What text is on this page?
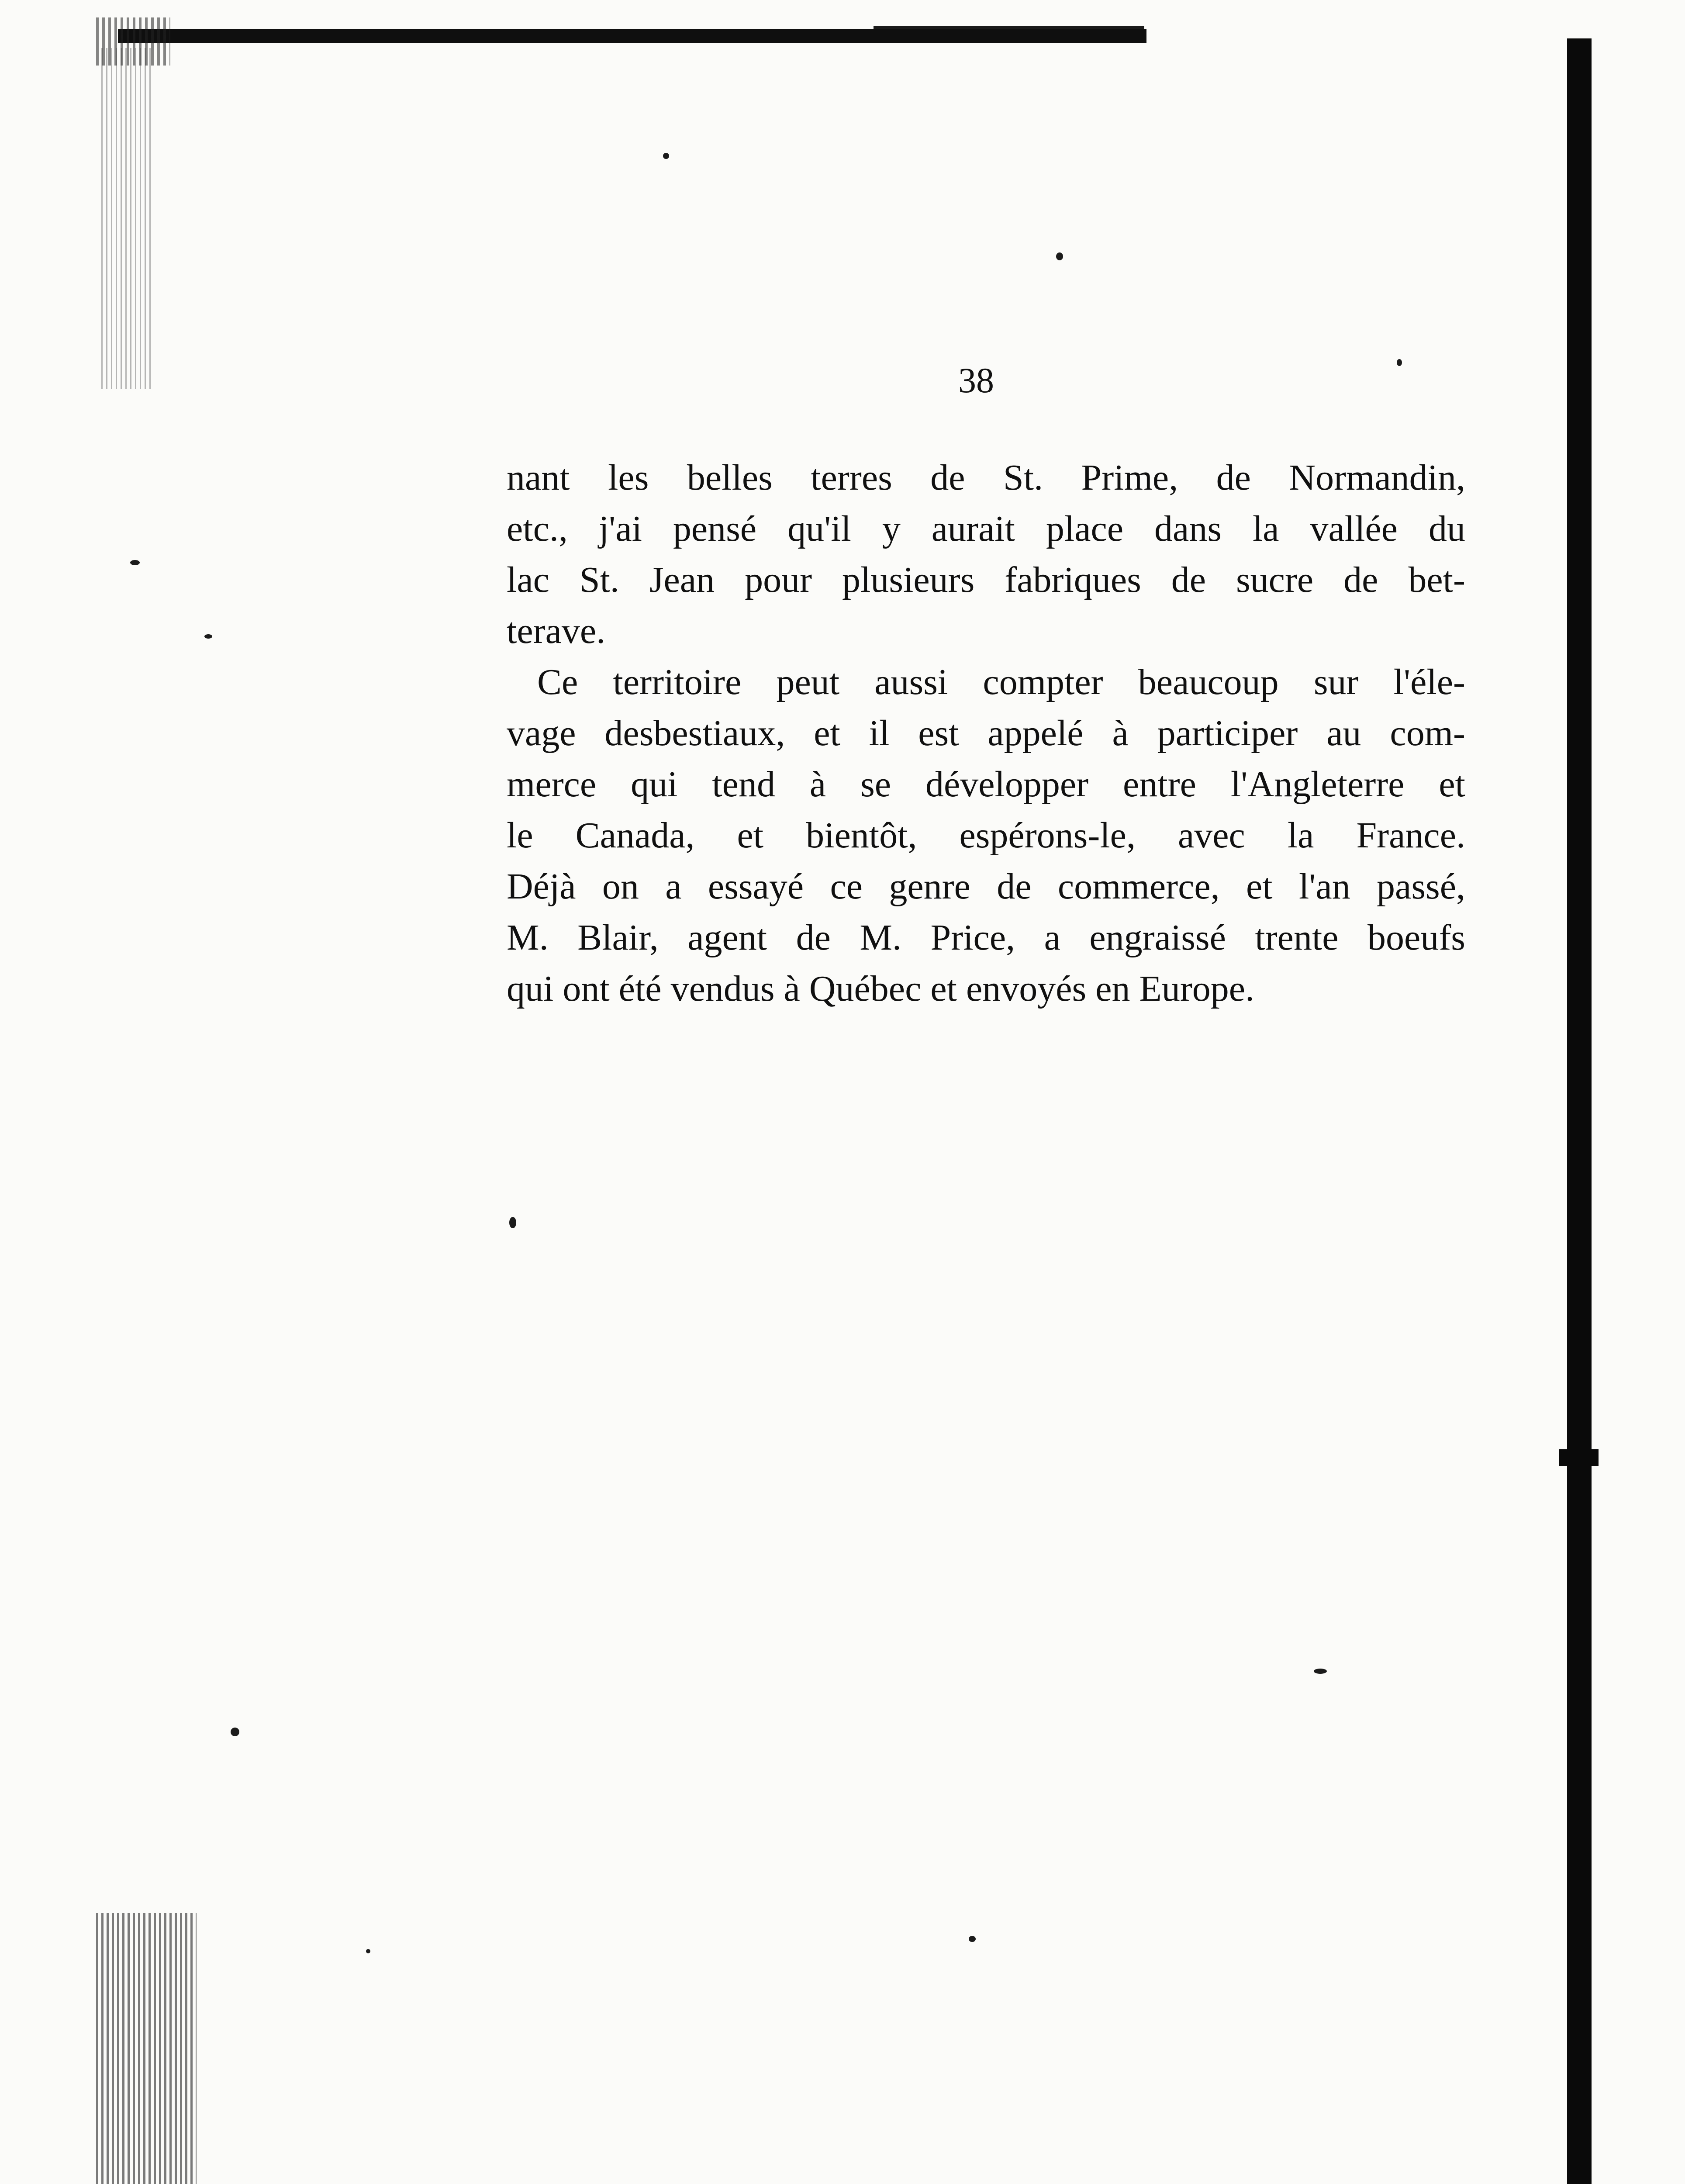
38

nant les belles terres de St. Prime, de Normandin,
etc., j'ai pensé qu'il y aurait place dans la vallée du
lac St. Jean pour plusieurs fabriques de sucre de bet-
terave.

Ce territoire peut aussi compter beaucoup sur l'éle-
vage desbestiaux, et il est appelé à participer au com-
merce qui tend à se développer entre l'Angleterre et
le Canada, et bientôt, espérons-le, avec la France.
Déjà on a essayé ce genre de commerce, et l'an passé,
M. Blair, agent de M. Price, a engraissé trente boeufs
qui ont été vendus à Québec et envoyés en Europe.
